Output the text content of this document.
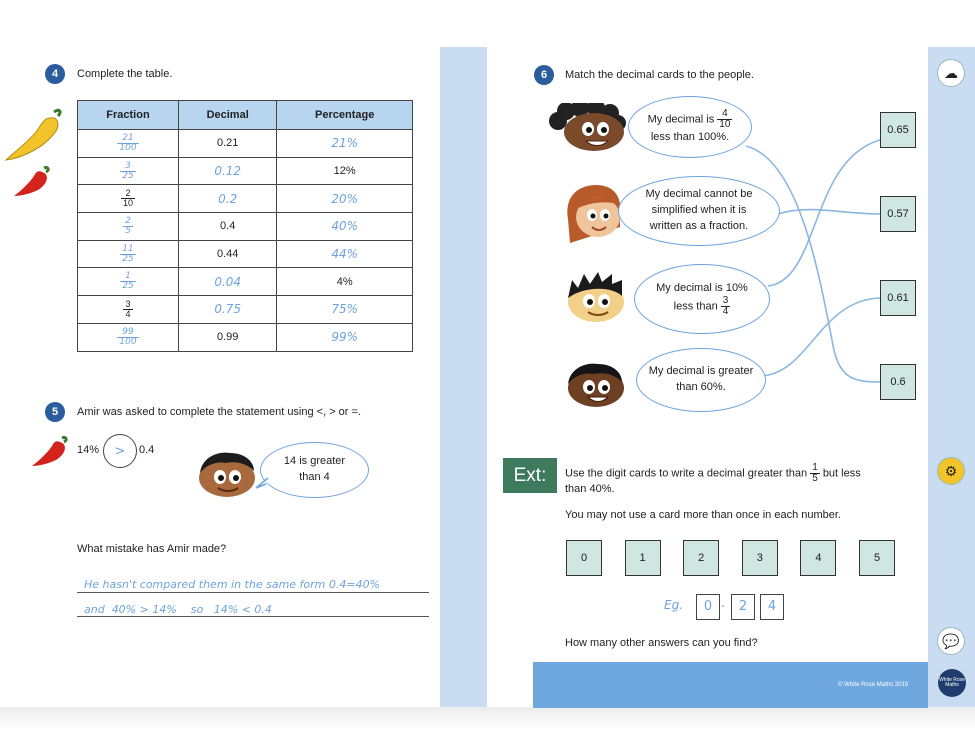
4	Complete the table.
Fraction	Decimal	Percentage

$\frac{21}{100}$	0.21	21%

$\frac{3}{25}$	0.12	12%

$\frac{2}{10}$	0.2	20%

$\frac{2}{5}$	0.4	40%

$\frac{11}{25}$	0.44	44%

$\frac{1}{25}$	0.04	4%

$\frac{3}{4}$	0.75	75%

$\frac{99}{100}$	0.99	99%
5	Amir was asked to complete the statement using <, > or =.
14%	>	0.4
14 is greater
than 4
What mistake has Amir made?
He hasn't compared them in the same form 0.4=40%
and  40% > 14%    so   14% < 0.4
6	Match the decimal cards to the people.
My decimal is $\frac{4}{10}$
less than 100%.
My decimal cannot be
simplified when it is
written as a fraction.
My decimal is 10%
less than $\frac{3}{4}$
My decimal is greater
than 60%.
0.65
0.57
0.61
0.6
Ext:	Use the digit cards to write a decimal greater than $\frac{1}{5}$ but less
than 40%.
You may not use a card more than once in each number.
0	1	2	3	4	5
Eg.	0 .	2	4
How many other answers can you find?
© White Rose Maths 2019
☁
⚙
💬
White Rose Maths
